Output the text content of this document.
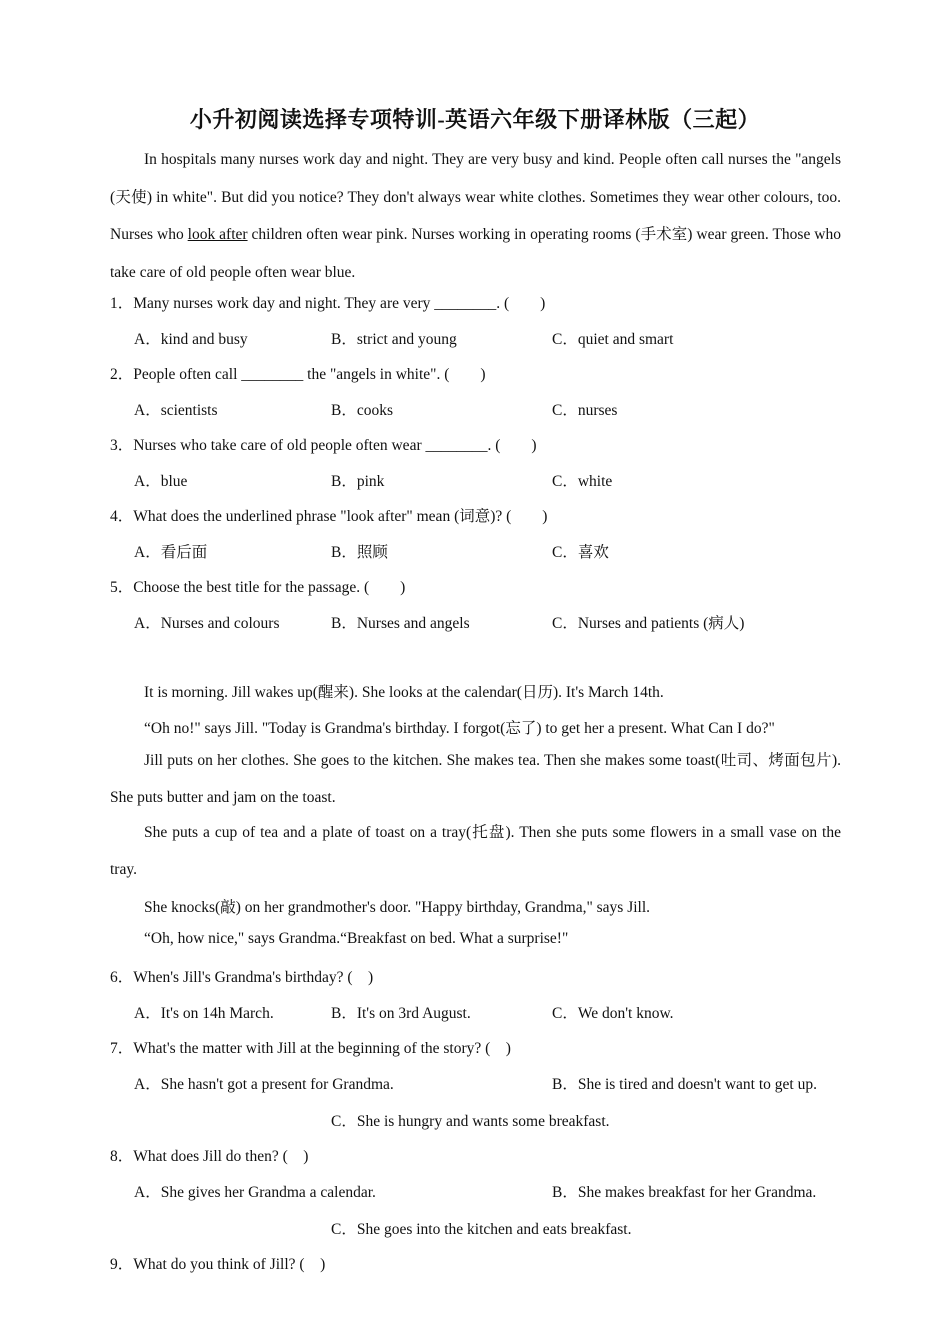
小升初阅读选择专项特训-英语六年级下册译林版（三起）
In hospitals many nurses work day and night. They are very busy and kind. People often call nurses the "angels (天使) in white". But did you notice? They don't always wear white clothes. Sometimes they wear other colours, too. Nurses who look after children often wear pink. Nurses working in operating rooms (手术室) wear green. Those who take care of old people often wear blue.
1．Many nurses work day and night. They are very ________. (　　)
A．kind and busy	B．strict and young	C．quiet and smart
2．People often call ________ the "angels in white". (　　)
A．scientists	B．cooks	C．nurses
3．Nurses who take care of old people often wear ________. (　　)
A．blue	B．pink	C．white
4．What does the underlined phrase "look after" mean (词意)? (　　)
A．看后面	B．照顾	C．喜欢
5．Choose the best title for the passage. (　　)
A．Nurses and colours	B．Nurses and angels	C．Nurses and patients (病人)
It is morning. Jill wakes up(醒来). She looks at the calendar(日历). It's March 14th.
“Oh no!" says Jill. "Today is Grandma's birthday. I forgot(忘了) to get her a present. What Can I do?"
Jill puts on her clothes. She goes to the kitchen. She makes tea. Then she makes some toast(吐司、烤面包片). She puts butter and jam on the toast.
She puts a cup of tea and a plate of toast on a tray(托盘). Then she puts some flowers in a small vase on the tray.
She knocks(敲) on her grandmother's door. "Happy birthday, Grandma," says Jill.
“Oh, how nice," says Grandma.“Breakfast on bed. What a surprise!"
6．When's Jill's Grandma's birthday? (　)
A．It's on 14h March.	B．It's on 3rd August.	C．We don't know.
7．What's the matter with Jill at the beginning of the story? (　)
A．She hasn't got a present for Grandma.	B．She is tired and doesn't want to get up.
C．She is hungry and wants some breakfast.
8．What does Jill do then? (　)
A．She gives her Grandma a calendar.	B．She makes breakfast for her Grandma.
C．She goes into the kitchen and eats breakfast.
9．What do you think of Jill? (　)
